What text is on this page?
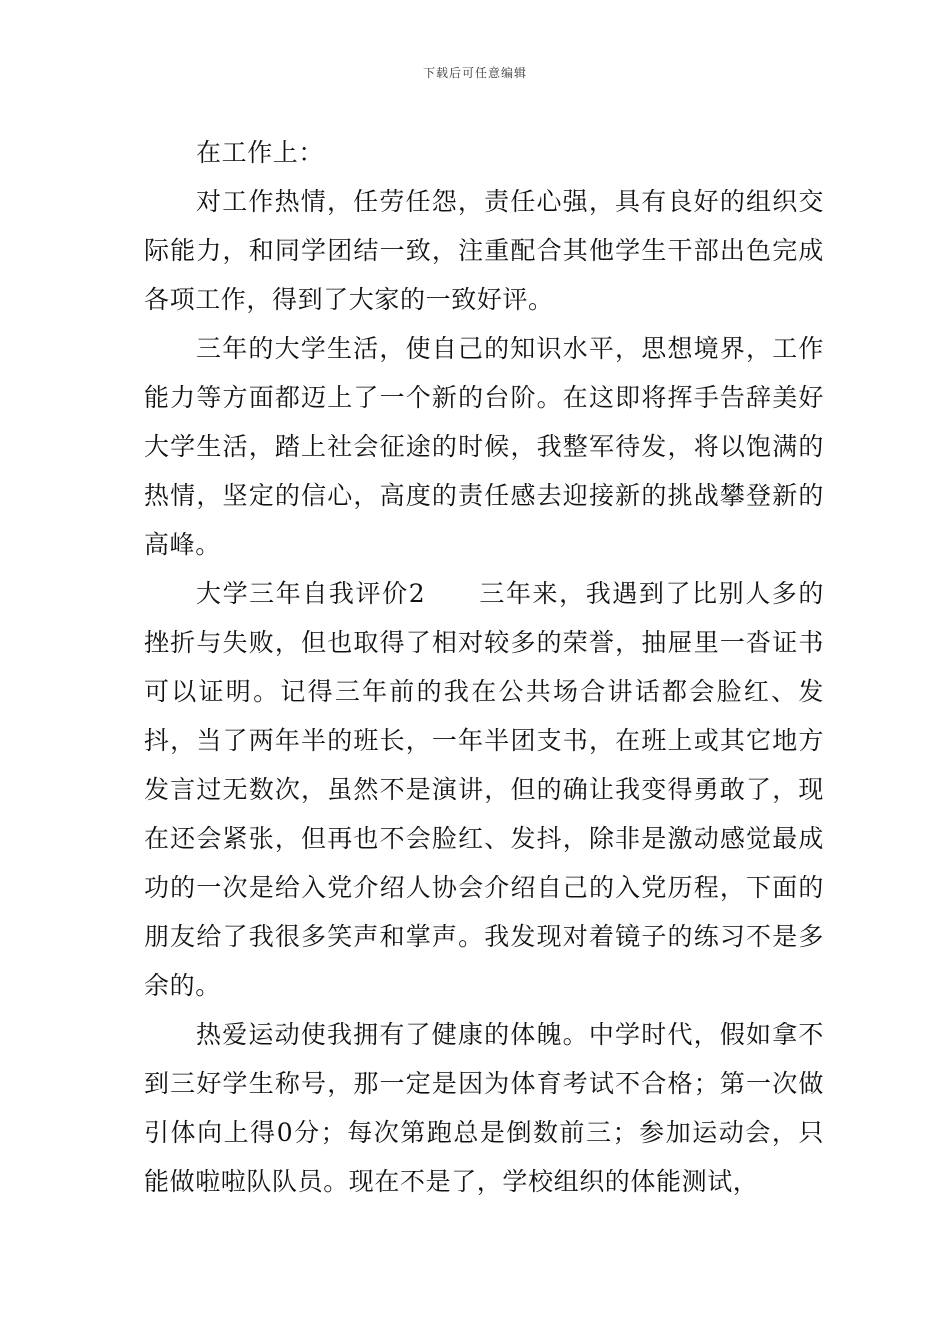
下载后可任意编辑

在工作上：

对工作热情，任劳任怨，责任心强，具有良好的组织交际能力，和同学团结一致，注重配合其他学生干部出色完成各项工作，得到了大家的一致好评。

三年的大学生活，使自己的知识水平，思想境界，工作能力等方面都迈上了一个新的台阶。在这即将挥手告辞美好大学生活，踏上社会征途的时候，我整军待发，将以饱满的热情，坚定的信心，高度的责任感去迎接新的挑战攀登新的高峰。

大学三年自我评价2　　三年来，我遇到了比别人多的挫折与失败，但也取得了相对较多的荣誉，抽屉里一沓证书可以证明。记得三年前的我在公共场合讲话都会脸红、发抖，当了两年半的班长，一年半团支书，在班上或其它地方发言过无数次，虽然不是演讲，但的确让我变得勇敢了，现在还会紧张，但再也不会脸红、发抖，除非是激动感觉最成功的一次是给入党介绍人协会介绍自己的入党历程，下面的朋友给了我很多笑声和掌声。我发现对着镜子的练习不是多余的。

热爱运动使我拥有了健康的体魄。中学时代，假如拿不到三好学生称号，那一定是因为体育考试不合格；第一次做引体向上得0分；每次第跑总是倒数前三；参加运动会，只能做啦啦队队员。现在不是了，学校组织的体能测试，
